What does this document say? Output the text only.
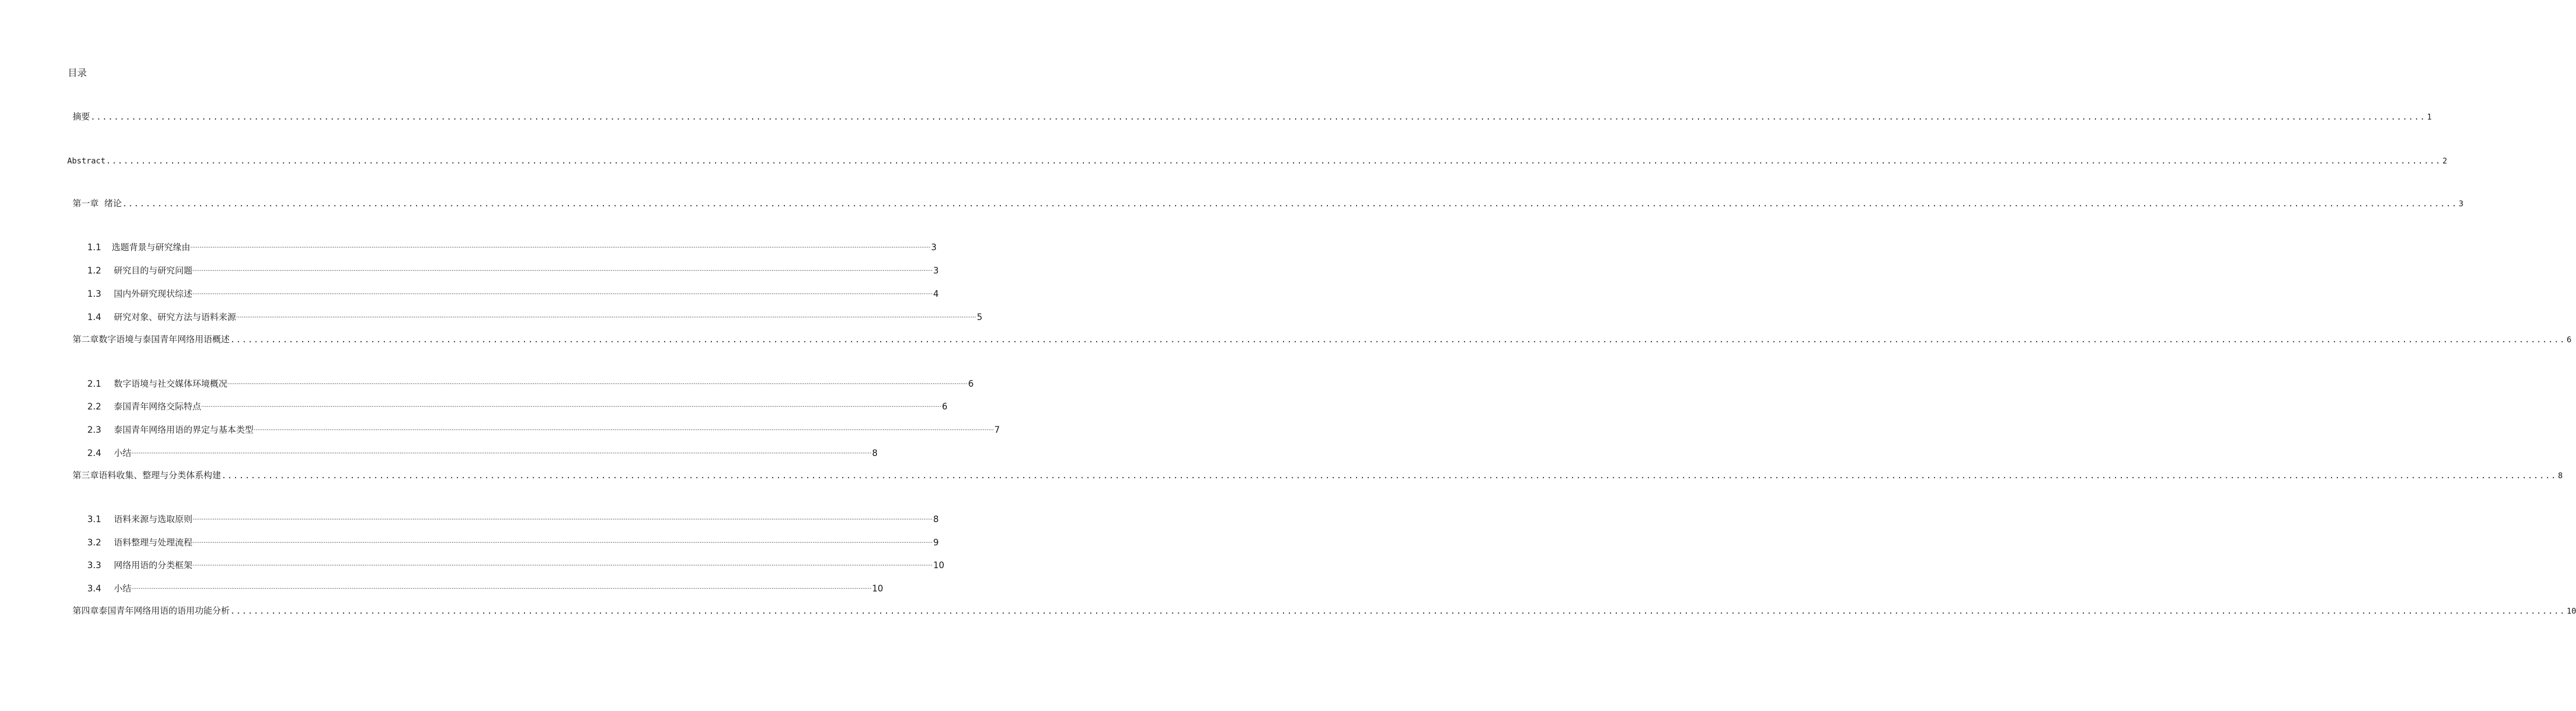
目录
摘要 ................................................................................................................................................................................................................................................................................................................................................................................................................ 1
Abstract ................................................................................................................................................................................................................................................................................................................................................................................................................ 2
第一章  绪论 ................................................................................................................................................................................................................................................................................................................................................................................................................ 3
1.1	选题背景与研究缘由 ................................................................................................................................................................................................................................................................................................................................................................................................................ 3
1.2	研究目的与研究问题 ................................................................................................................................................................................................................................................................................................................................................................................................................ 3
1.3	国内外研究现状综述 ................................................................................................................................................................................................................................................................................................................................................................................................................ 4
1.4	研究对象、研究方法与语料来源 ................................................................................................................................................................................................................................................................................................................................................................................................................ 5
第二章数字语境与泰国青年网络用语概述 ................................................................................................................................................................................................................................................................................................................................................................................................................ 6
2.1	数字语境与社交媒体环境概况 ................................................................................................................................................................................................................................................................................................................................................................................................................ 6
2.2	泰国青年网络交际特点 ................................................................................................................................................................................................................................................................................................................................................................................................................ 6
2.3	泰国青年网络用语的界定与基本类型 ................................................................................................................................................................................................................................................................................................................................................................................................................ 7
2.4	小结 ................................................................................................................................................................................................................................................................................................................................................................................................................ 8
第三章语料收集、整理与分类体系构建 ................................................................................................................................................................................................................................................................................................................................................................................................................ 8
3.1	语料来源与选取原则 ................................................................................................................................................................................................................................................................................................................................................................................................................ 8
3.2	语料整理与处理流程 ................................................................................................................................................................................................................................................................................................................................................................................................................ 9
3.3	网络用语的分类框架 ................................................................................................................................................................................................................................................................................................................................................................................................................ 10
3.4	小结 ................................................................................................................................................................................................................................................................................................................................................................................................................ 10
第四章泰国青年网络用语的语用功能分析 ................................................................................................................................................................................................................................................................................................................................................................................................................ 10
